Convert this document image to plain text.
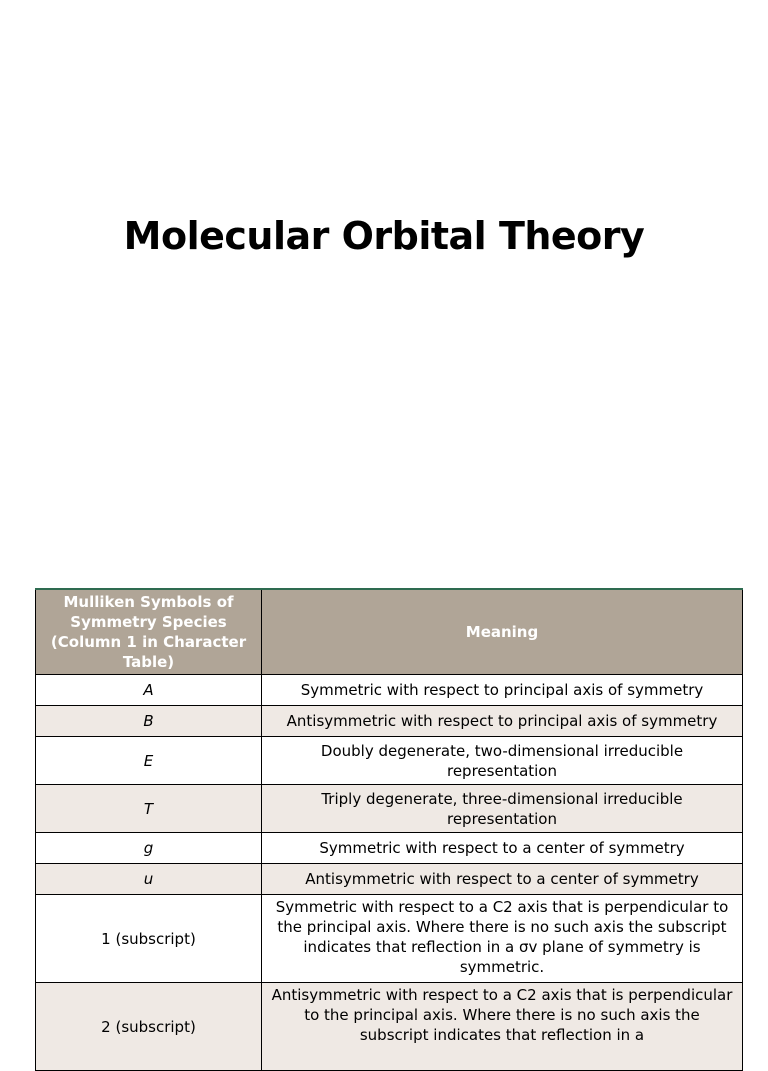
Molecular Orbital Theory
Mulliken Symbols of Symmetry Species (Column 1 in Character Table)	Meaning
A	Symmetric with respect to principal axis of symmetry
B	Antisymmetric with respect to principal axis of symmetry
E	Doubly degenerate, two-dimensional irreducible representation
T	Triply degenerate, three-dimensional irreducible representation
g	Symmetric with respect to a center of symmetry
u	Antisymmetric with respect to a center of symmetry
1 (subscript)	Symmetric with respect to a C2 axis that is perpendicular to the principal axis. Where there is no such axis the subscript indicates that reflection in a σv plane of symmetry is symmetric.
2 (subscript)	Antisymmetric with respect to a C2 axis that is perpendicular to the principal axis. Where there is no such axis the subscript indicates that reflection in a
